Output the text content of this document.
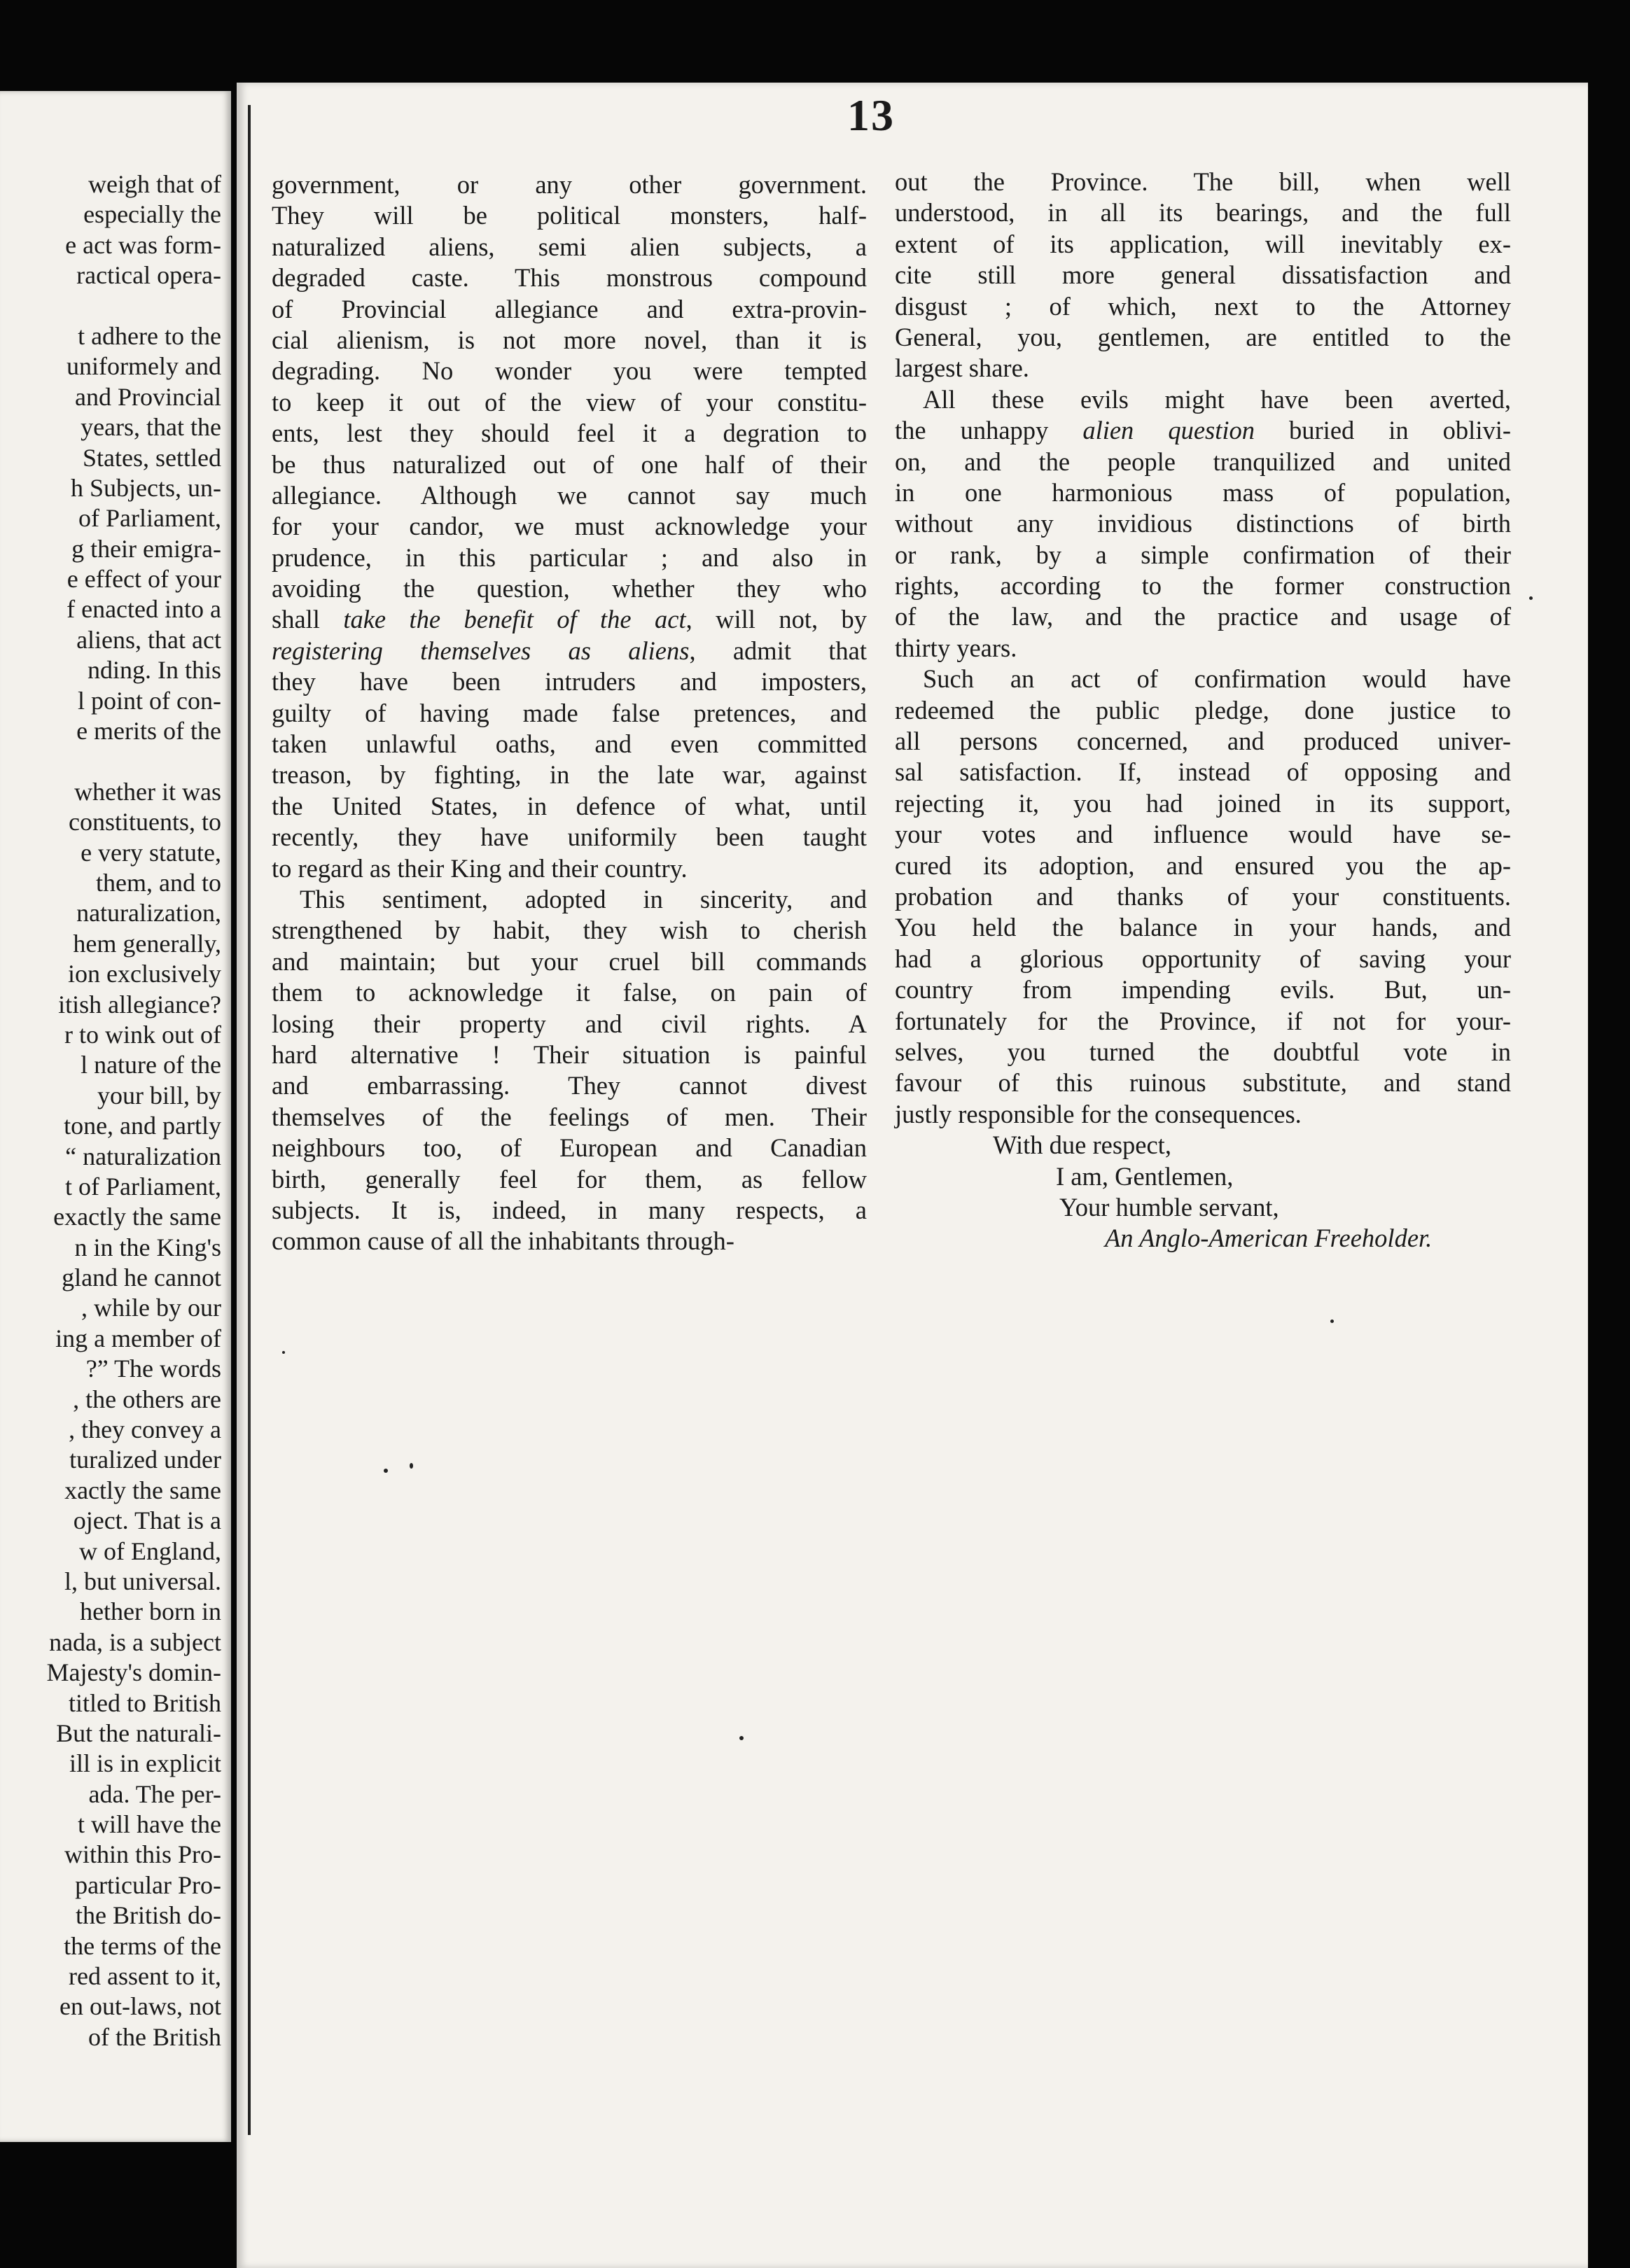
weigh that of
especially the
e act was form-
ractical opera-
t adhere to the
uniformely and
and Provincial
years, that the
States, settled
h Subjects, un-
of Parliament,
g their emigra-
e effect of your
f enacted into a
aliens, that act
nding. In this
l point of con-
e merits of the
whether it was
constituents, to
e very statute,
them, and to
naturalization,
hem generally,
ion exclusively
itish allegiance?
r to wink out of
l nature of the
your bill, by
tone, and partly
“ naturalization
t of Parliament,
exactly the same
n in the King's
gland he cannot
, while by our
ing a member of
?” The words
, the others are
, they convey a
turalized under
xactly the same
oject. That is a
w of England,
l, but universal.
hether born in
nada, is a subject
Majesty's domin-
titled to British
But the naturali-
ill is in explicit
ada. The per-
t will have the
within this Pro-
particular Pro-
the British do-
the terms of the
red assent to it,
en out-laws, not
of the British
13
government, or any other government.
They will be political monsters, half-
naturalized aliens, semi alien subjects, a
degraded caste. This monstrous compound
of Provincial allegiance and extra-provin-
cial alienism, is not more novel, than it is
degrading. No wonder you were tempted
to keep it out of the view of your constitu-
ents, lest they should feel it a degration to
be thus naturalized out of one half of their
allegiance. Although we cannot say much
for your candor, we must acknowledge your
prudence, in this particular ; and also in
avoiding the question, whether they who
shall take the benefit of the act, will not, by
registering themselves as aliens, admit that
they have been intruders and imposters,
guilty of having made false pretences, and
taken unlawful oaths, and even committed
treason, by fighting, in the late war, against
the United States, in defence of what, until
recently, they have uniformily been taught
to regard as their King and their country.
This sentiment, adopted in sincerity, and
strengthened by habit, they wish to cherish
and maintain; but your cruel bill commands
them to acknowledge it false, on pain of
losing their property and civil rights. A
hard alternative ! Their situation is painful
and embarrassing. They cannot divest
themselves of the feelings of men. Their
neighbours too, of European and Canadian
birth, generally feel for them, as fellow
subjects. It is, indeed, in many respects, a
common cause of all the inhabitants through-
out the Province. The bill, when well
understood, in all its bearings, and the full
extent of its application, will inevitably ex-
cite still more general dissatisfaction and
disgust ; of which, next to the Attorney
General, you, gentlemen, are entitled to the
largest share.
All these evils might have been averted,
the unhappy alien question buried in oblivi-
on, and the people tranquilized and united
in one harmonious mass of population,
without any invidious distinctions of birth
or rank, by a simple confirmation of their
rights, according to the former construction
of the law, and the practice and usage of
thirty years.
Such an act of confirmation would have
redeemed the public pledge, done justice to
all persons concerned, and produced univer-
sal satisfaction. If, instead of opposing and
rejecting it, you had joined in its support,
your votes and influence would have se-
cured its adoption, and ensured you the ap-
probation and thanks of your constituents.
You held the balance in your hands, and
had a glorious opportunity of saving your
country from impending evils. But, un-
fortunately for the Province, if not for your-
selves, you turned the doubtful vote in
favour of this ruinous substitute, and stand
justly responsible for the consequences.
With due respect,
I am, Gentlemen,
Your humble servant,
An Anglo-American Freeholder.
